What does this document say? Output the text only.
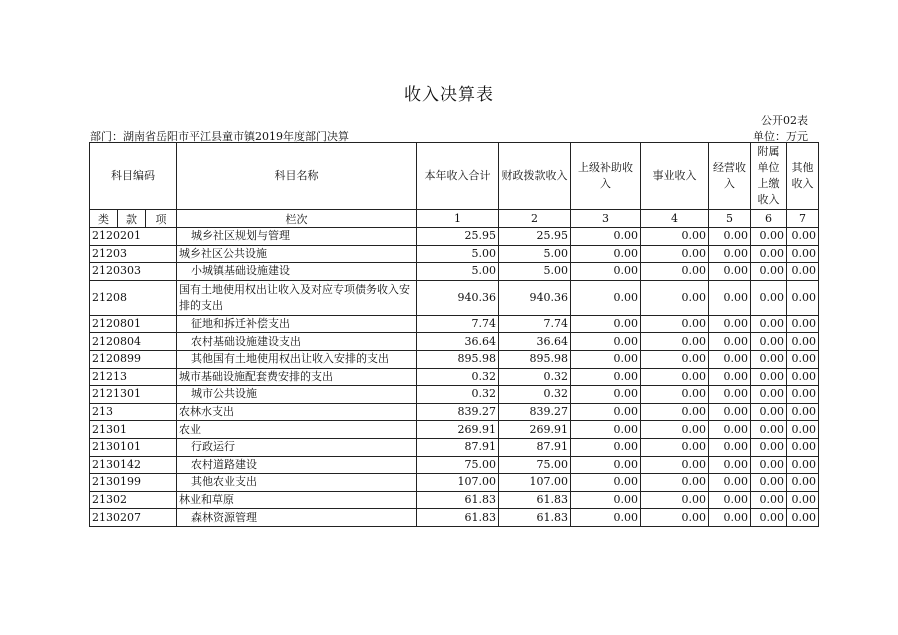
收入决算表
公开02表
部门：湖南省岳阳市平江县童市镇2019年度部门决算	单位：万元
科目编码			科目名称	本年收入合计	财政拨款收入	上级补助收入	事业收入	经营收入	附属单位上缴收入	其他收入
类	款	项	栏次	1	2	3	4	5	6	7
2120201			城乡社区规划与管理	25.95	25.95	0.00	0.00	0.00	0.00	0.00
21203			城乡社区公共设施	5.00	5.00	0.00	0.00	0.00	0.00	0.00
2120303			小城镇基础设施建设	5.00	5.00	0.00	0.00	0.00	0.00	0.00
21208			国有土地使用权出让收入及对应专项债务收入安排的支出	940.36	940.36	0.00	0.00	0.00	0.00	0.00
2120801			征地和拆迁补偿支出	7.74	7.74	0.00	0.00	0.00	0.00	0.00
2120804			农村基础设施建设支出	36.64	36.64	0.00	0.00	0.00	0.00	0.00
2120899			其他国有土地使用权出让收入安排的支出	895.98	895.98	0.00	0.00	0.00	0.00	0.00
21213			城市基础设施配套费安排的支出	0.32	0.32	0.00	0.00	0.00	0.00	0.00
2121301			城市公共设施	0.32	0.32	0.00	0.00	0.00	0.00	0.00
213			农林水支出	839.27	839.27	0.00	0.00	0.00	0.00	0.00
21301			农业	269.91	269.91	0.00	0.00	0.00	0.00	0.00
2130101			行政运行	87.91	87.91	0.00	0.00	0.00	0.00	0.00
2130142			农村道路建设	75.00	75.00	0.00	0.00	0.00	0.00	0.00
2130199			其他农业支出	107.00	107.00	0.00	0.00	0.00	0.00	0.00
21302			林业和草原	61.83	61.83	0.00	0.00	0.00	0.00	0.00
2130207			森林资源管理	61.83	61.83	0.00	0.00	0.00	0.00	0.00
